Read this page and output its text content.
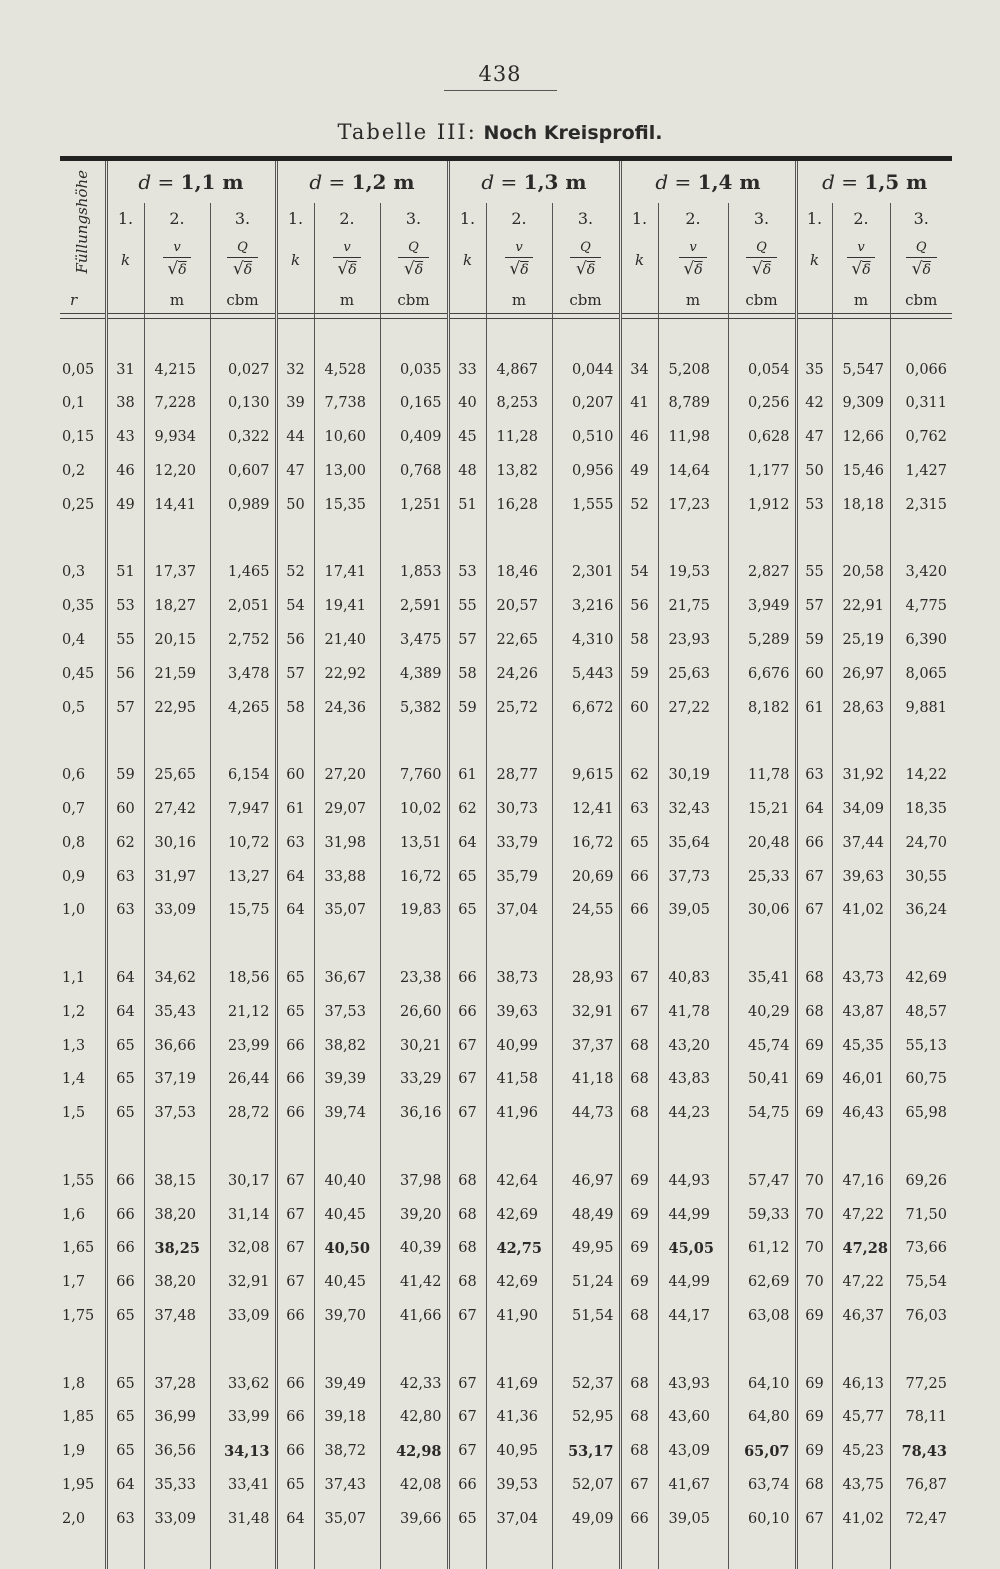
438
Tabelle III: Noch Kreisprofil.

Füllungshöhe	d = 1,1 m			d = 1,2 m			d = 1,3 m			d = 1,4 m			d = 1,5 m		
	1.	2.	3.	1.	2.	3.	1.	2.	3.	1.	2.	3.	1.	2.	3.
	k	$\frac{v}{√\delta}$	$\frac{Q}{√\delta}$	k	$\frac{v}{√\delta}$	$\frac{Q}{√\delta}$	k	$\frac{v}{√\delta}$	$\frac{Q}{√\delta}$	k	$\frac{v}{√\delta}$	$\frac{Q}{√\delta}$	k	$\frac{v}{√\delta}$	$\frac{Q}{√\delta}$

r		m	cbm		m	cbm		m	cbm		m	cbm		m	cbm

0,05	31	4,215	0,027	32	4,528	0,035	33	4,867	0,044	34	5,208	0,054	35	5,547	0,066
0,1	38	7,228	0,130	39	7,738	0,165	40	8,253	0,207	41	8,789	0,256	42	9,309	0,311
0,15	43	9,934	0,322	44	10,60	0,409	45	11,28	0,510	46	11,98	0,628	47	12,66	0,762
0,2	46	12,20	0,607	47	13,00	0,768	48	13,82	0,956	49	14,64	1,177	50	15,46	1,427
0,25	49	14,41	0,989	50	15,35	1,251	51	16,28	1,555	52	17,23	1,912	53	18,18	2,315

0,3	51	17,37	1,465	52	17,41	1,853	53	18,46	2,301	54	19,53	2,827	55	20,58	3,420
0,35	53	18,27	2,051	54	19,41	2,591	55	20,57	3,216	56	21,75	3,949	57	22,91	4,775
0,4	55	20,15	2,752	56	21,40	3,475	57	22,65	4,310	58	23,93	5,289	59	25,19	6,390
0,45	56	21,59	3,478	57	22,92	4,389	58	24,26	5,443	59	25,63	6,676	60	26,97	8,065
0,5	57	22,95	4,265	58	24,36	5,382	59	25,72	6,672	60	27,22	8,182	61	28,63	9,881

0,6	59	25,65	6,154	60	27,20	7,760	61	28,77	9,615	62	30,19	11,78	63	31,92	14,22
0,7	60	27,42	7,947	61	29,07	10,02	62	30,73	12,41	63	32,43	15,21	64	34,09	18,35
0,8	62	30,16	10,72	63	31,98	13,51	64	33,79	16,72	65	35,64	20,48	66	37,44	24,70
0,9	63	31,97	13,27	64	33,88	16,72	65	35,79	20,69	66	37,73	25,33	67	39,63	30,55
1,0	63	33,09	15,75	64	35,07	19,83	65	37,04	24,55	66	39,05	30,06	67	41,02	36,24

1,1	64	34,62	18,56	65	36,67	23,38	66	38,73	28,93	67	40,83	35,41	68	43,73	42,69
1,2	64	35,43	21,12	65	37,53	26,60	66	39,63	32,91	67	41,78	40,29	68	43,87	48,57
1,3	65	36,66	23,99	66	38,82	30,21	67	40,99	37,37	68	43,20	45,74	69	45,35	55,13
1,4	65	37,19	26,44	66	39,39	33,29	67	41,58	41,18	68	43,83	50,41	69	46,01	60,75
1,5	65	37,53	28,72	66	39,74	36,16	67	41,96	44,73	68	44,23	54,75	69	46,43	65,98

1,55	66	38,15	30,17	67	40,40	37,98	68	42,64	46,97	69	44,93	57,47	70	47,16	69,26
1,6	66	38,20	31,14	67	40,45	39,20	68	42,69	48,49	69	44,99	59,33	70	47,22	71,50
1,65	66	38,25	32,08	67	40,50	40,39	68	42,75	49,95	69	45,05	61,12	70	47,28	73,66
1,7	66	38,20	32,91	67	40,45	41,42	68	42,69	51,24	69	44,99	62,69	70	47,22	75,54
1,75	65	37,48	33,09	66	39,70	41,66	67	41,90	51,54	68	44,17	63,08	69	46,37	76,03

1,8	65	37,28	33,62	66	39,49	42,33	67	41,69	52,37	68	43,93	64,10	69	46,13	77,25
1,85	65	36,99	33,99	66	39,18	42,80	67	41,36	52,95	68	43,60	64,80	69	45,77	78,11
1,9	65	36,56	34,13	66	38,72	42,98	67	40,95	53,17	68	43,09	65,07	69	45,23	78,43
1,95	64	35,33	33,41	65	37,43	42,08	66	39,53	52,07	67	41,67	63,74	68	43,75	76,87
2,0	63	33,09	31,48	64	35,07	39,66	65	37,04	49,09	66	39,05	60,10	67	41,02	72,47
